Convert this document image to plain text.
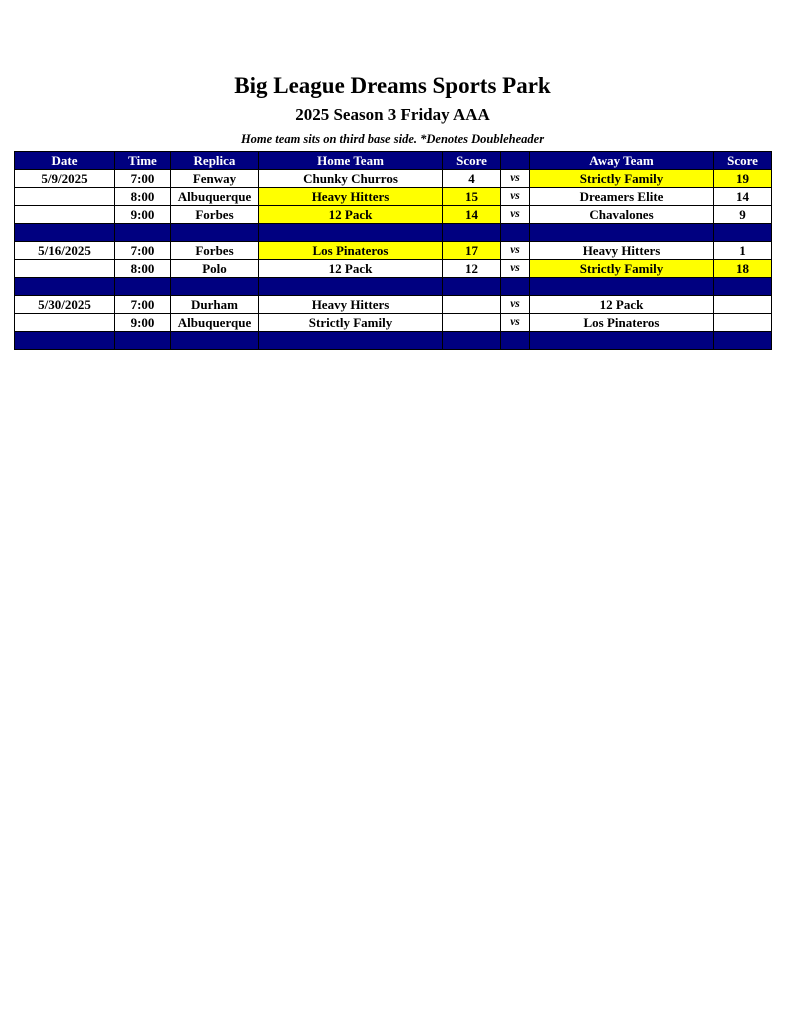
Big League Dreams Sports Park
2025 Season 3 Friday AAA

Home team sits on third base side. *Denotes Doubleheader

Date	Time	Replica	Home Team	Score		Away Team	Score
5/9/2025	7:00	Fenway	Chunky Churros	4	vs	Strictly Family	19
	8:00	Albuquerque	Heavy Hitters	15	vs	Dreamers Elite	14
	9:00	Forbes	12 Pack	14	vs	Chavalones	9

5/16/2025	7:00	Forbes	Los Pinateros	17	vs	Heavy Hitters	1
	8:00	Polo	12 Pack	12	vs	Strictly Family	18

5/30/2025	7:00	Durham	Heavy Hitters		vs	12 Pack	
	9:00	Albuquerque	Strictly Family		vs	Los Pinateros	
